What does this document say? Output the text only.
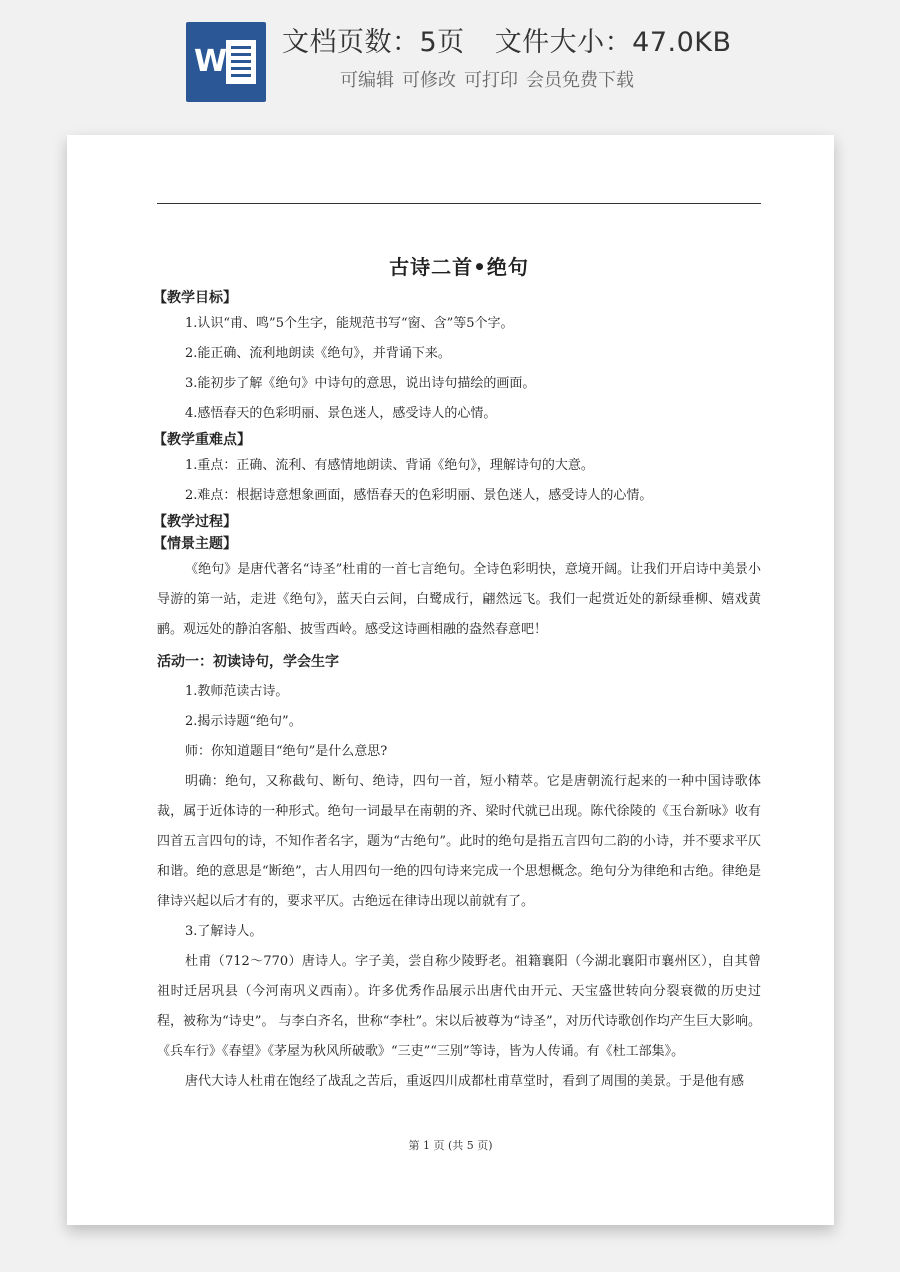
W
文档页数：5页 文件大小：47.0KB
可编辑 可修改 可打印 会员免费下载

古诗二首•绝句

【教学目标】

1.认识“甫、鸣”5个生字，能规范书写“窗、含”等5个字。

2.能正确、流利地朗读《绝句》，并背诵下来。

3.能初步了解《绝句》中诗句的意思，说出诗句描绘的画面。

4.感悟春天的色彩明丽、景色迷人，感受诗人的心情。

【教学重难点】

1.重点：正确、流利、有感情地朗读、背诵《绝句》，理解诗句的大意。

2.难点：根据诗意想象画面，感悟春天的色彩明丽、景色迷人，感受诗人的心情。

【教学过程】

【情景主题】

《绝句》是唐代著名“诗圣”杜甫的一首七言绝句。全诗色彩明快，意境开阔。让我们开启诗中美景小导游的第一站，走进《绝句》，蓝天白云间，白鹭成行，翩然远飞。我们一起赏近处的新绿垂柳、嬉戏黄鹂。观远处的静泊客船、披雪西岭。感受这诗画相融的盎然春意吧！

活动一：初读诗句，学会生字

1.教师范读古诗。

2.揭示诗题“绝句”。

师：你知道题目“绝句”是什么意思?

明确：绝句，又称截句、断句、绝诗，四句一首，短小精萃。它是唐朝流行起来的一种中国诗歌体裁，属于近体诗的一种形式。绝句一词最早在南朝的齐、梁时代就已出现。陈代徐陵的《玉台新咏》收有四首五言四句的诗，不知作者名字，题为“古绝句”。此时的绝句是指五言四句二韵的小诗，并不要求平仄和谐。绝的意思是“断绝”，古人用四句一绝的四句诗来完成一个思想概念。绝句分为律绝和古绝。律绝是律诗兴起以后才有的，要求平仄。古绝远在律诗出现以前就有了。

3.了解诗人。

杜甫（712～770）唐诗人。字子美，尝自称少陵野老。祖籍襄阳（今湖北襄阳市襄州区），自其曾祖时迁居巩县（今河南巩义西南）。许多优秀作品展示出唐代由开元、天宝盛世转向分裂衰微的历史过程，被称为“诗史”。 与李白齐名，世称“李杜”。宋以后被尊为“诗圣”，对历代诗歌创作均产生巨大影响。《兵车行》《春望》《茅屋为秋风所破歌》“三吏”“三别”等诗，皆为人传诵。有《杜工部集》。

唐代大诗人杜甫在饱经了战乱之苦后，重返四川成都杜甫草堂时，看到了周围的美景。于是他有感

第 1 页 (共 5 页)
